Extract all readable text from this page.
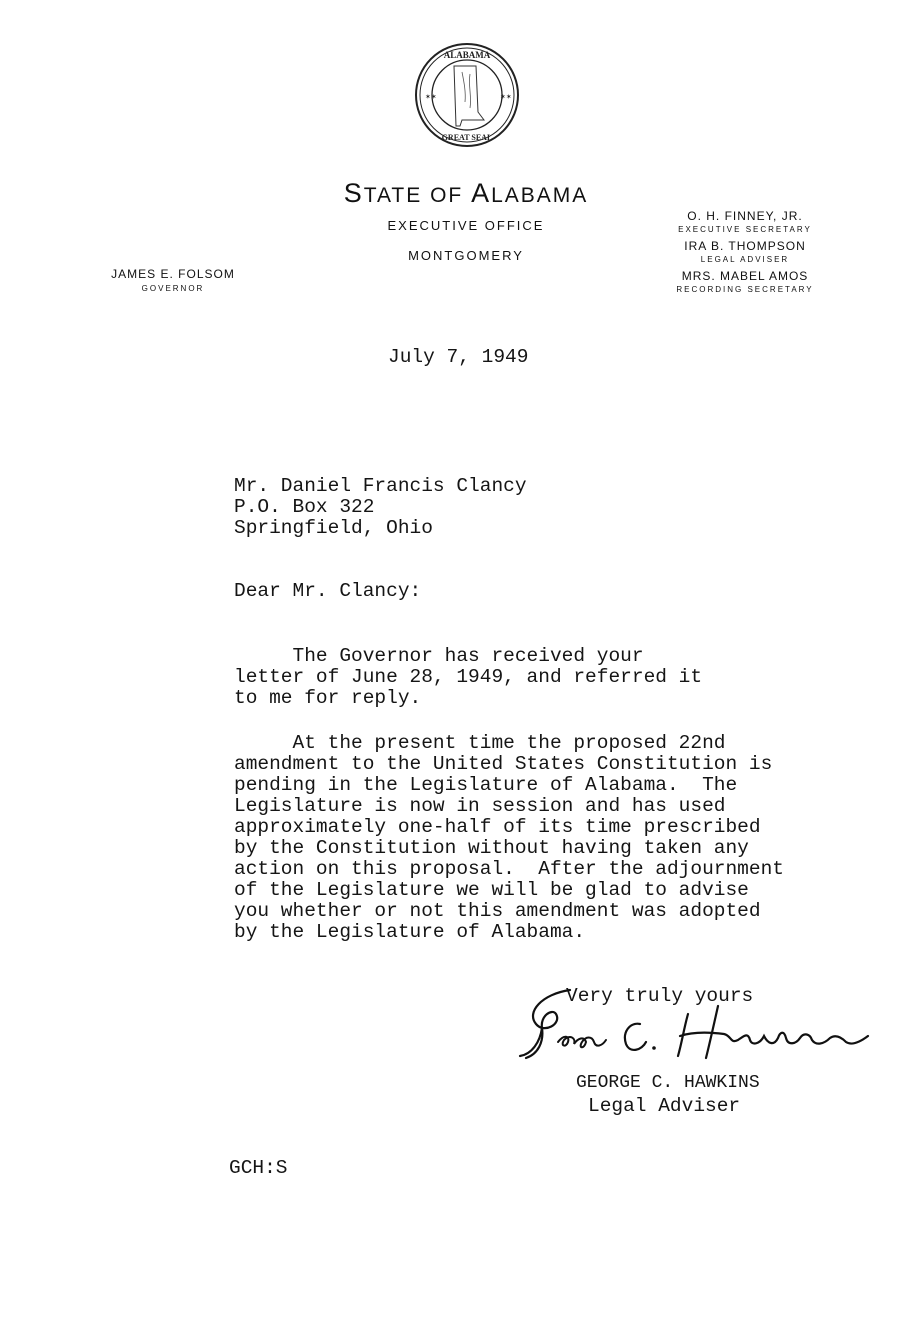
ALABAMA
GREAT SEAL
✶✶	✶✶
STATE OF ALABAMA
EXECUTIVE OFFICE
MONTGOMERY
JAMES E. FOLSOM
GOVERNOR
O. H. FINNEY, JR.
EXECUTIVE SECRETARY
IRA B. THOMPSON
LEGAL ADVISER
MRS. MABEL AMOS
RECORDING SECRETARY
July 7, 1949
Mr. Daniel Francis Clancy
P.O. Box 322
Springfield, Ohio
Dear Mr. Clancy:
The Governor has received your
letter of June 28, 1949, and referred it
to me for reply.
At the present time the proposed 22nd
amendment to the United States Constitution is
pending in the Legislature of Alabama.  The
Legislature is now in session and has used
approximately one-half of its time prescribed
by the Constitution without having taken any
action on this proposal.  After the adjournment
of the Legislature we will be glad to advise
you whether or not this amendment was adopted
by the Legislature of Alabama.
Very truly yours
GEORGE C. HAWKINS
Legal Adviser
GCH:S
